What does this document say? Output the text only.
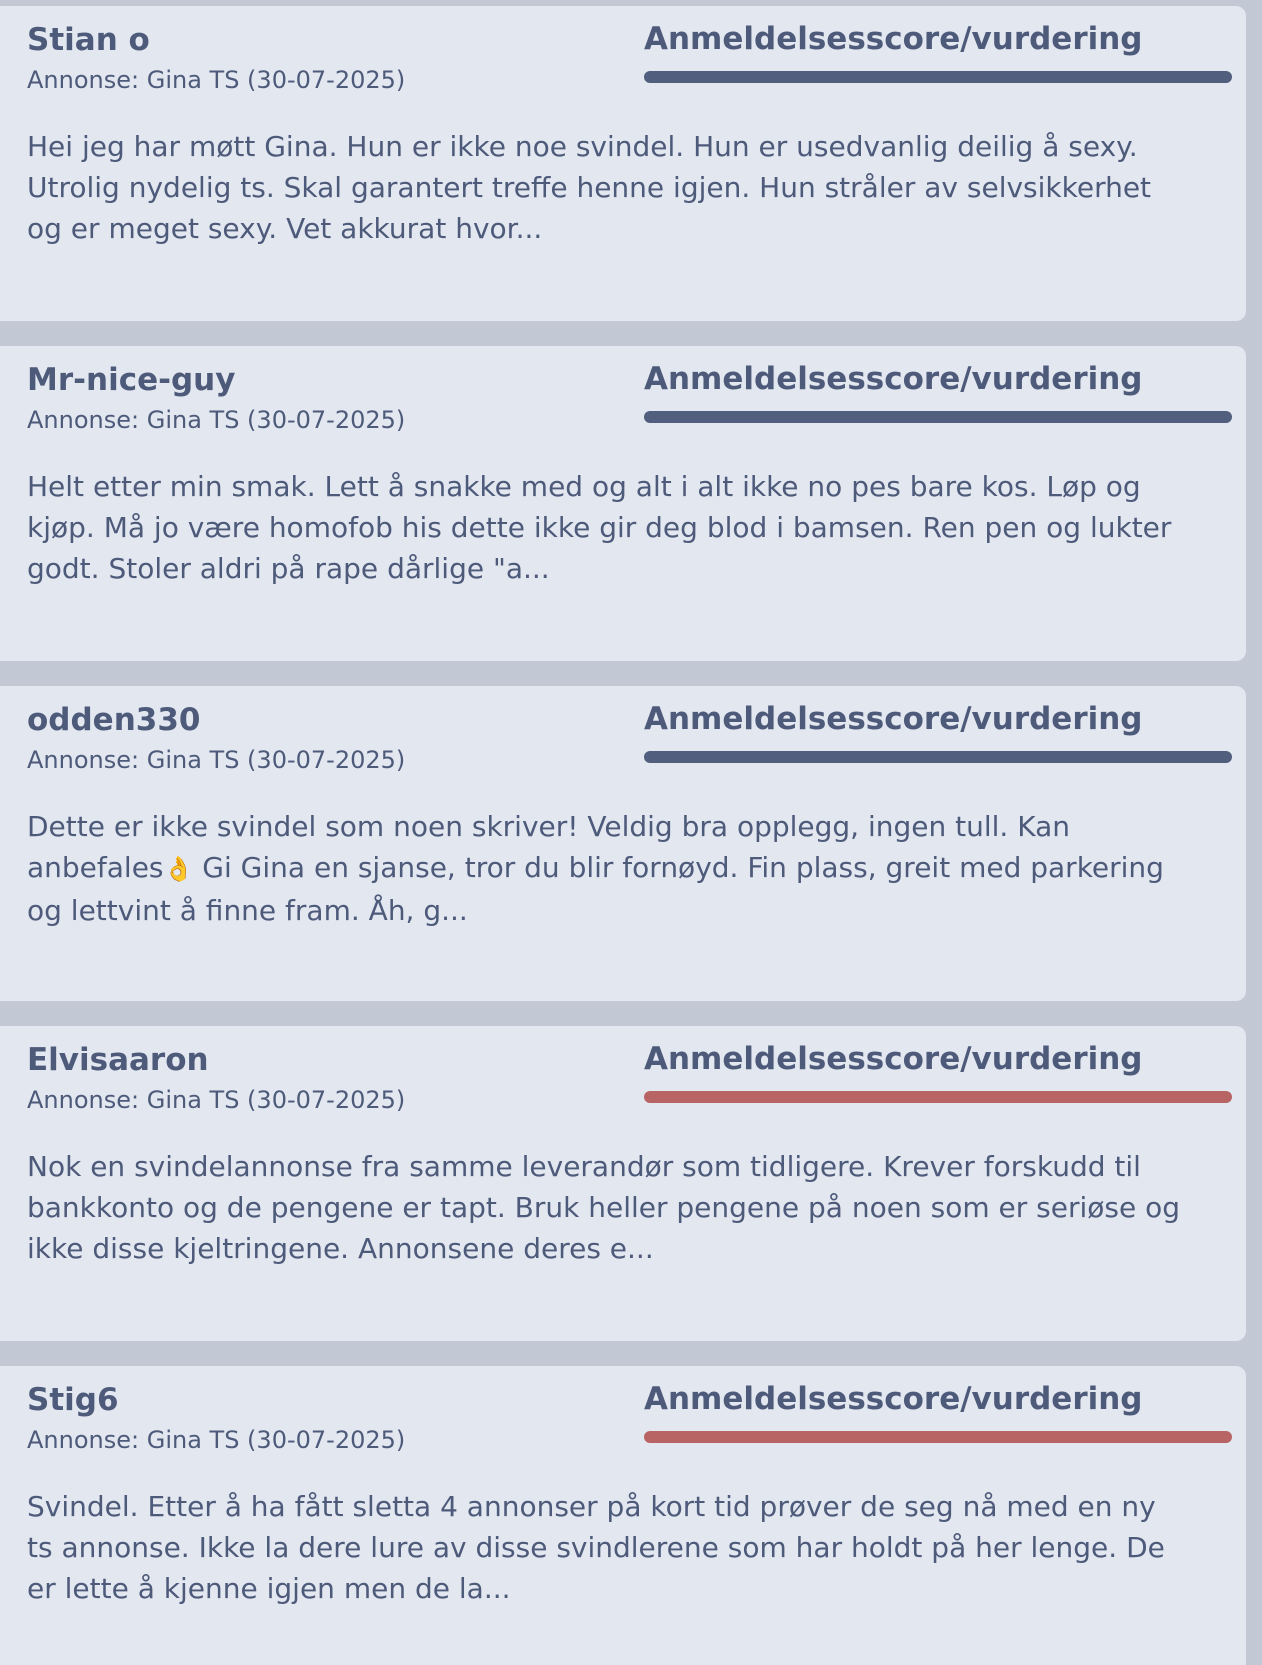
Stian o
Annonse: Gina TS (30-07-2025)
Anmeldelsesscore/vurdering
Hei jeg har møtt Gina. Hun er ikke noe svindel. Hun er usedvanlig deilig å sexy.
Utrolig nydelig ts. Skal garantert treffe henne igjen. Hun stråler av selvsikkerhet
og er meget sexy. Vet akkurat hvor...
Mr-nice-guy
Annonse: Gina TS (30-07-2025)
Anmeldelsesscore/vurdering
Helt etter min smak. Lett å snakke med og alt i alt ikke no pes bare kos. Løp og
kjøp. Må jo være homofob his dette ikke gir deg blod i bamsen. Ren pen og lukter
godt. Stoler aldri på rape dårlige "a...
odden330
Annonse: Gina TS (30-07-2025)
Anmeldelsesscore/vurdering
Dette er ikke svindel som noen skriver! Veldig bra opplegg, ingen tull. Kan
anbefales👌 Gi Gina en sjanse, tror du blir fornøyd. Fin plass, greit med parkering
og lettvint å finne fram. Åh, g...
Elvisaaron
Annonse: Gina TS (30-07-2025)
Anmeldelsesscore/vurdering
Nok en svindelannonse fra samme leverandør som tidligere. Krever forskudd til
bankkonto og de pengene er tapt. Bruk heller pengene på noen som er seriøse og
ikke disse kjeltringene. Annonsene deres e...
Stig6
Annonse: Gina TS (30-07-2025)
Anmeldelsesscore/vurdering
Svindel. Etter å ha fått sletta 4 annonser på kort tid prøver de seg nå med en ny
ts annonse. Ikke la dere lure av disse svindlerene som har holdt på her lenge. De
er lette å kjenne igjen men de la...
